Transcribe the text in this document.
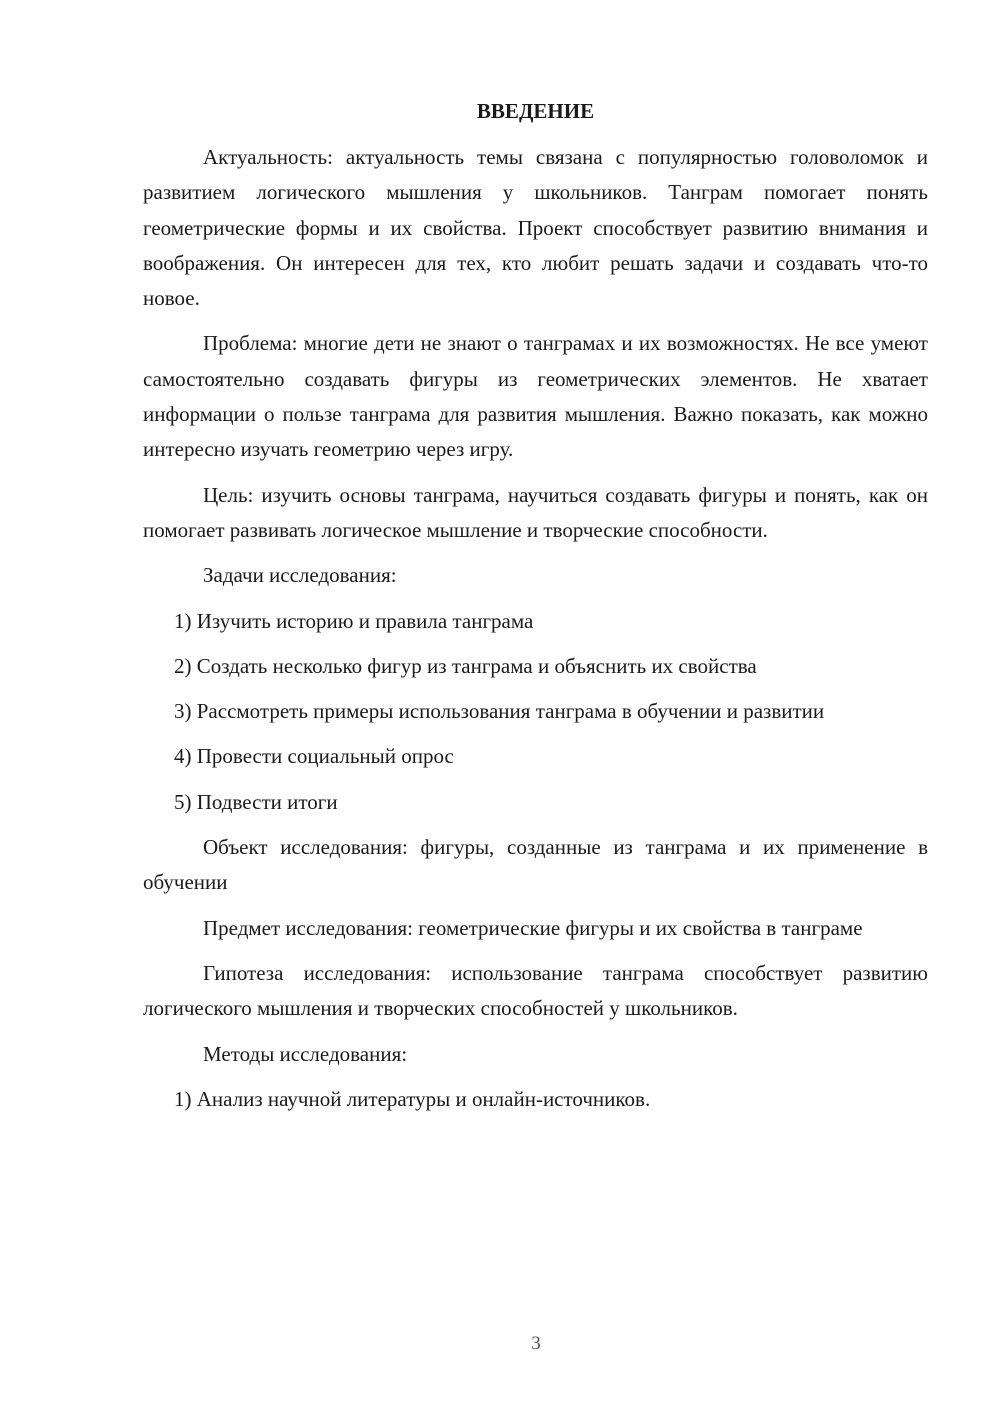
ВВЕДЕНИЕ

Актуальность: актуальность темы связана с популярностью головоломок и развитием логического мышления у школьников. Танграм помогает понять геометрические формы и их свойства. Проект способствует развитию внимания и воображения. Он интересен для тех, кто любит решать задачи и создавать что-то новое.

Проблема: многие дети не знают о танграмах и их возможностях. Не все умеют самостоятельно создавать фигуры из геометрических элементов. Не хватает информации о пользе танграма для развития мышления. Важно показать, как можно интересно изучать геометрию через игру.

Цель: изучить основы танграма, научиться создавать фигуры и понять, как он помогает развивать логическое мышление и творческие способности.

Задачи исследования:

1) Изучить историю и правила танграма

2) Создать несколько фигур из танграма и объяснить их свойства

3) Рассмотреть примеры использования танграма в обучении и развитии

4) Провести социальный опрос

5) Подвести итоги

Объект исследования: фигуры, созданные из танграма и их применение в обучении

Предмет исследования: геометрические фигуры и их свойства в танграме

Гипотеза исследования: использование танграма способствует развитию логического мышления и творческих способностей у школьников.

Методы исследования:

1) Анализ научной литературы и онлайн-источников.

3
